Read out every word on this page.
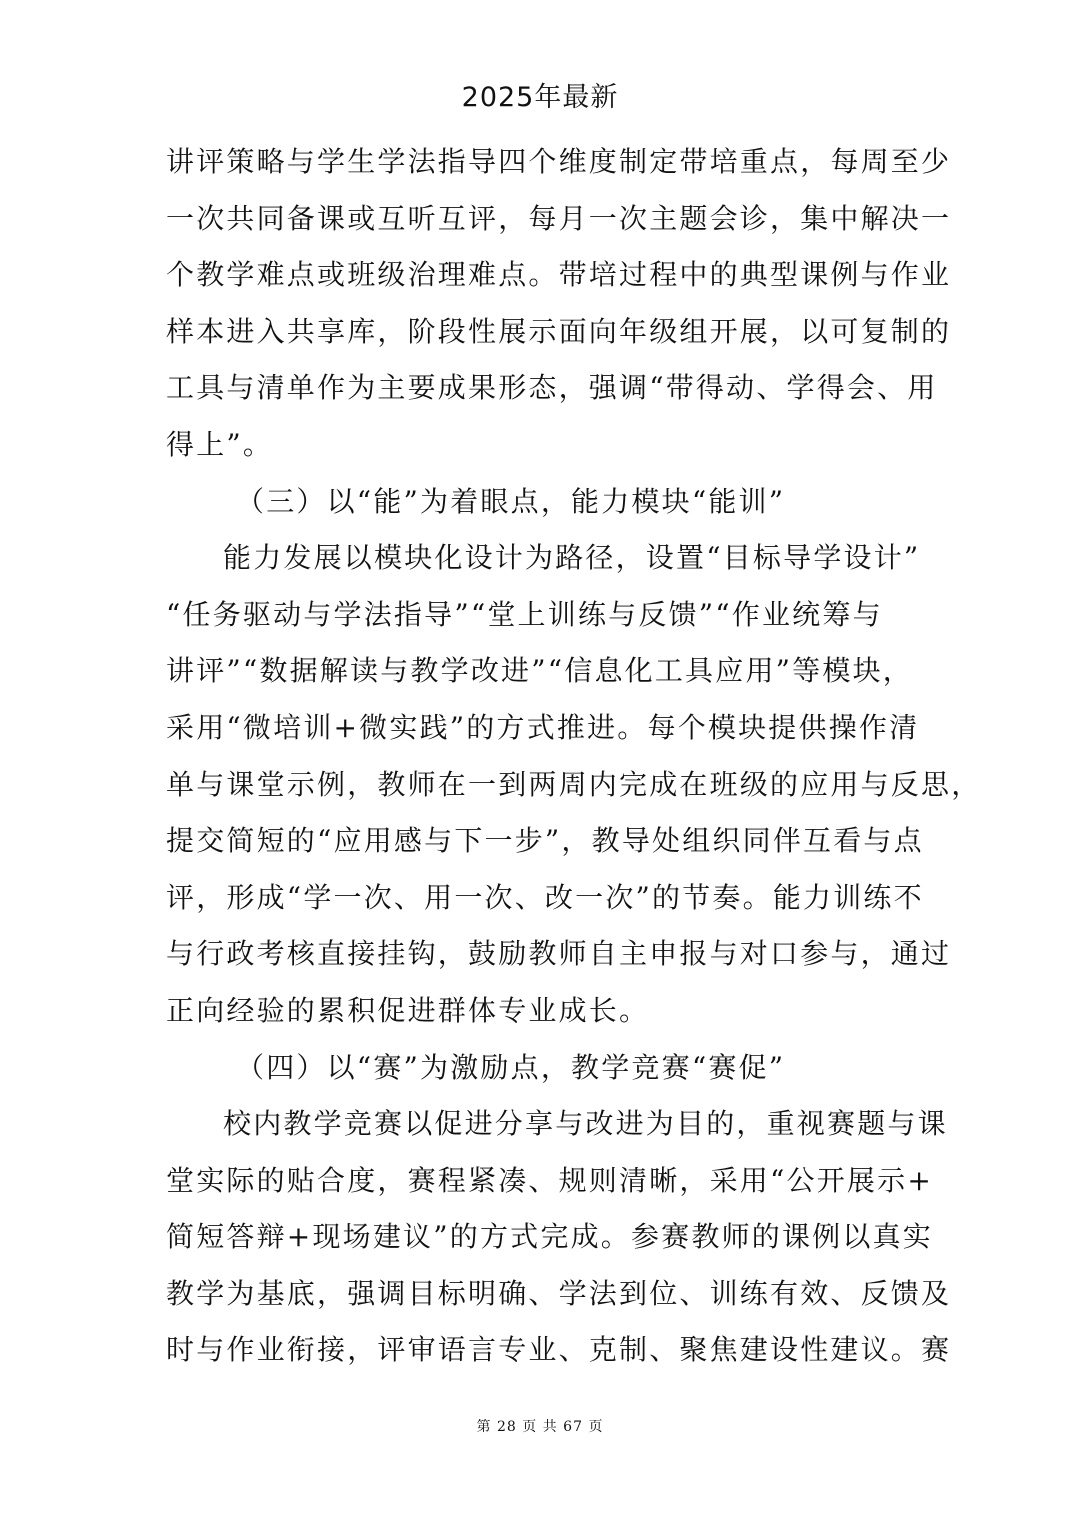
2025年最新
讲评策略与学生学法指导四个维度制定带培重点，每周至少
一次共同备课或互听互评，每月一次主题会诊，集中解决一
个教学难点或班级治理难点。带培过程中的典型课例与作业
样本进入共享库，阶段性展示面向年级组开展，以可复制的
工具与清单作为主要成果形态，强调“带得动、学得会、用
得上”。
（三）以“能”为着眼点，能力模块“能训”
能力发展以模块化设计为路径，设置“目标导学设计”
“任务驱动与学法指导”“堂上训练与反馈”“作业统筹与
讲评”“数据解读与教学改进”“信息化工具应用”等模块，
采用“微培训+微实践”的方式推进。每个模块提供操作清
单与课堂示例，教师在一到两周内完成在班级的应用与反思，
提交简短的“应用感与下一步”，教导处组织同伴互看与点
评，形成“学一次、用一次、改一次”的节奏。能力训练不
与行政考核直接挂钩，鼓励教师自主申报与对口参与，通过
正向经验的累积促进群体专业成长。
（四）以“赛”为激励点，教学竞赛“赛促”
校内教学竞赛以促进分享与改进为目的，重视赛题与课
堂实际的贴合度，赛程紧凑、规则清晰，采用“公开展示+
简短答辩+现场建议”的方式完成。参赛教师的课例以真实
教学为基底，强调目标明确、学法到位、训练有效、反馈及
时与作业衔接，评审语言专业、克制、聚焦建设性建议。赛
第 28 页 共 67 页
